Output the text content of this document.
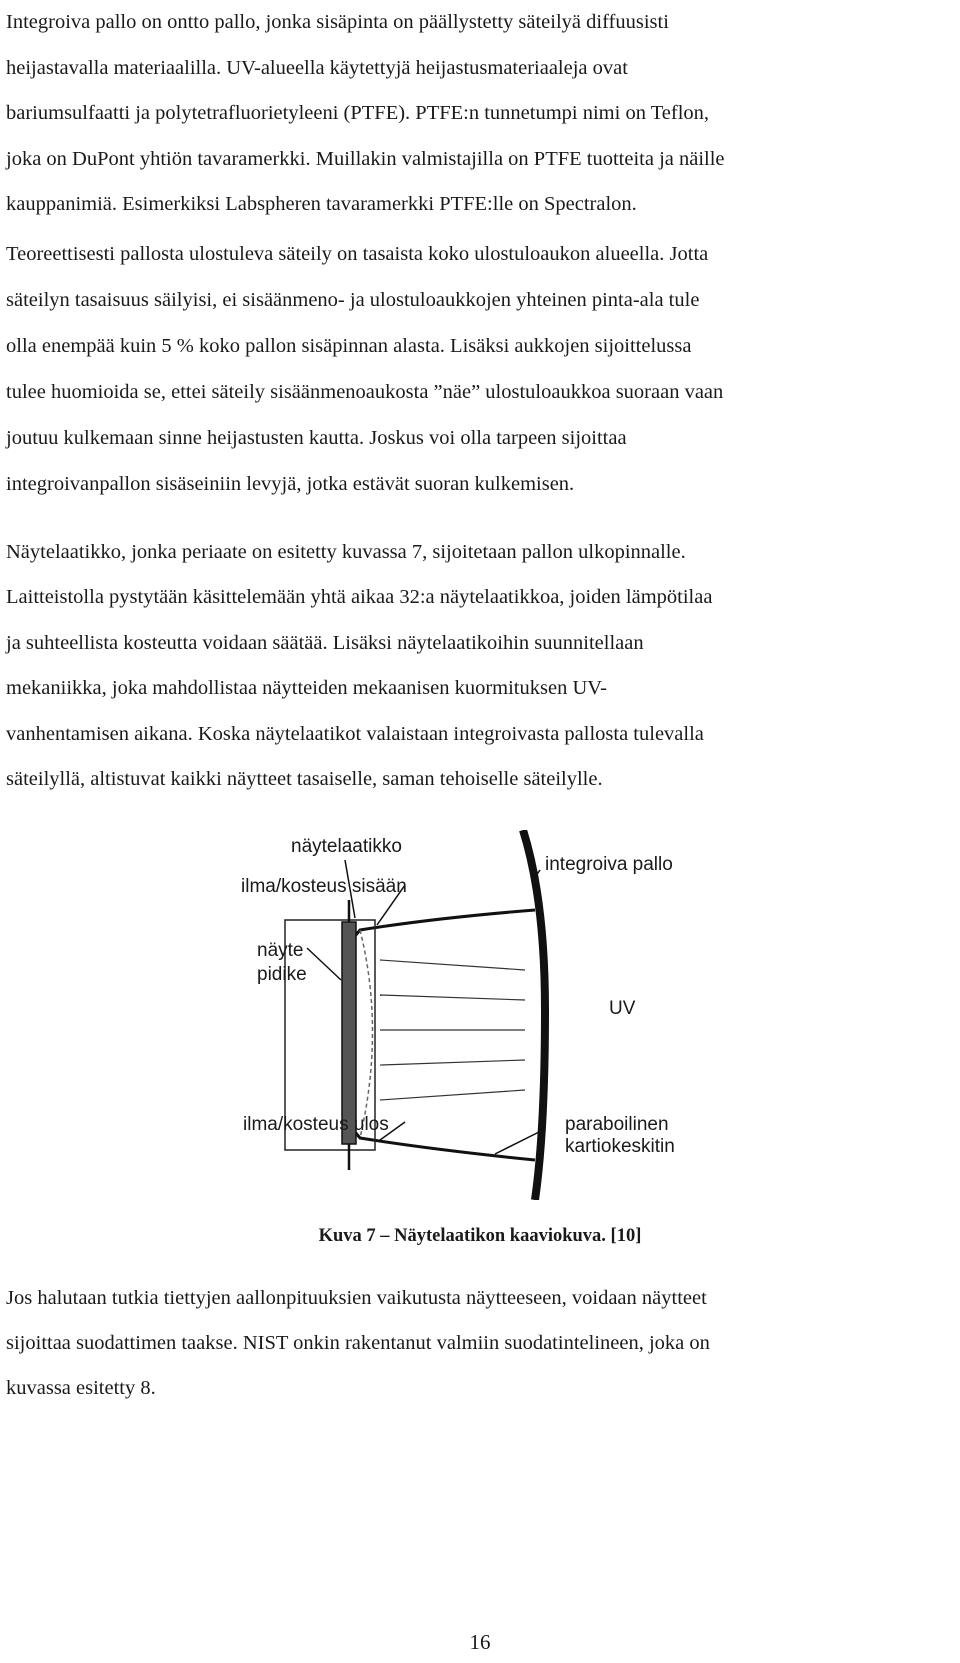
Integroiva pallo on ontto pallo, jonka sisäpinta on päällystetty säteilyä diffuusisti
heijastavalla materiaalilla. UV-alueella käytettyjä heijastusmateriaaleja ovat
bariumsulfaatti ja polytetrafluorietyleeni (PTFE). PTFE:n tunnetumpi nimi on Teflon,
joka on DuPont yhtiön tavaramerkki. Muillakin valmistajilla on PTFE tuotteita ja näille
kauppanimiä. Esimerkiksi Labspheren tavaramerkki PTFE:lle on Spectralon.

Teoreettisesti pallosta ulostuleva säteily on tasaista koko ulostuloaukon alueella. Jotta
säteilyn tasaisuus säilyisi, ei sisäänmeno- ja ulostuloaukkojen yhteinen pinta-ala tule
olla enempää kuin 5 % koko pallon sisäpinnan alasta. Lisäksi aukkojen sijoittelussa
tulee huomioida se, ettei säteily sisäänmenoaukosta ”näe” ulostuloaukkoa suoraan vaan
joutuu kulkemaan sinne heijastusten kautta. Joskus voi olla tarpeen sijoittaa
integroivanpallon sisäseiniin levyjä, jotka estävät suoran kulkemisen.

Näytelaatikko, jonka periaate on esitetty kuvassa 7, sijoitetaan pallon ulkopinnalle.
Laitteistolla pystytään käsittelemään yhtä aikaa 32:a näytelaatikkoa, joiden lämpötilaa
ja suhteellista kosteutta voidaan säätää. Lisäksi näytelaatikoihin suunnitellaan
mekaniikka, joka mahdollistaa näytteiden mekaanisen kuormituksen UV-
vanhentamisen aikana. Koska näytelaatikot valaistaan integroivasta pallosta tulevalla
säteilyllä, altistuvat kaikki näytteet tasaiselle, saman tehoiselle säteilylle.

näytelaatikko
ilma/kosteus sisään
näyte
pidike
integroiva pallo
UV
ilma/kosteus ulos	paraboilinen
kartiokeskitin
Kuva 7 – Näytelaatikon kaaviokuva. [10]

Jos halutaan tutkia tiettyjen aallonpituuksien vaikutusta näytteeseen, voidaan näytteet
sijoittaa suodattimen taakse. NIST onkin rakentanut valmiin suodatintelineen, joka on
kuvassa esitetty 8.

16
